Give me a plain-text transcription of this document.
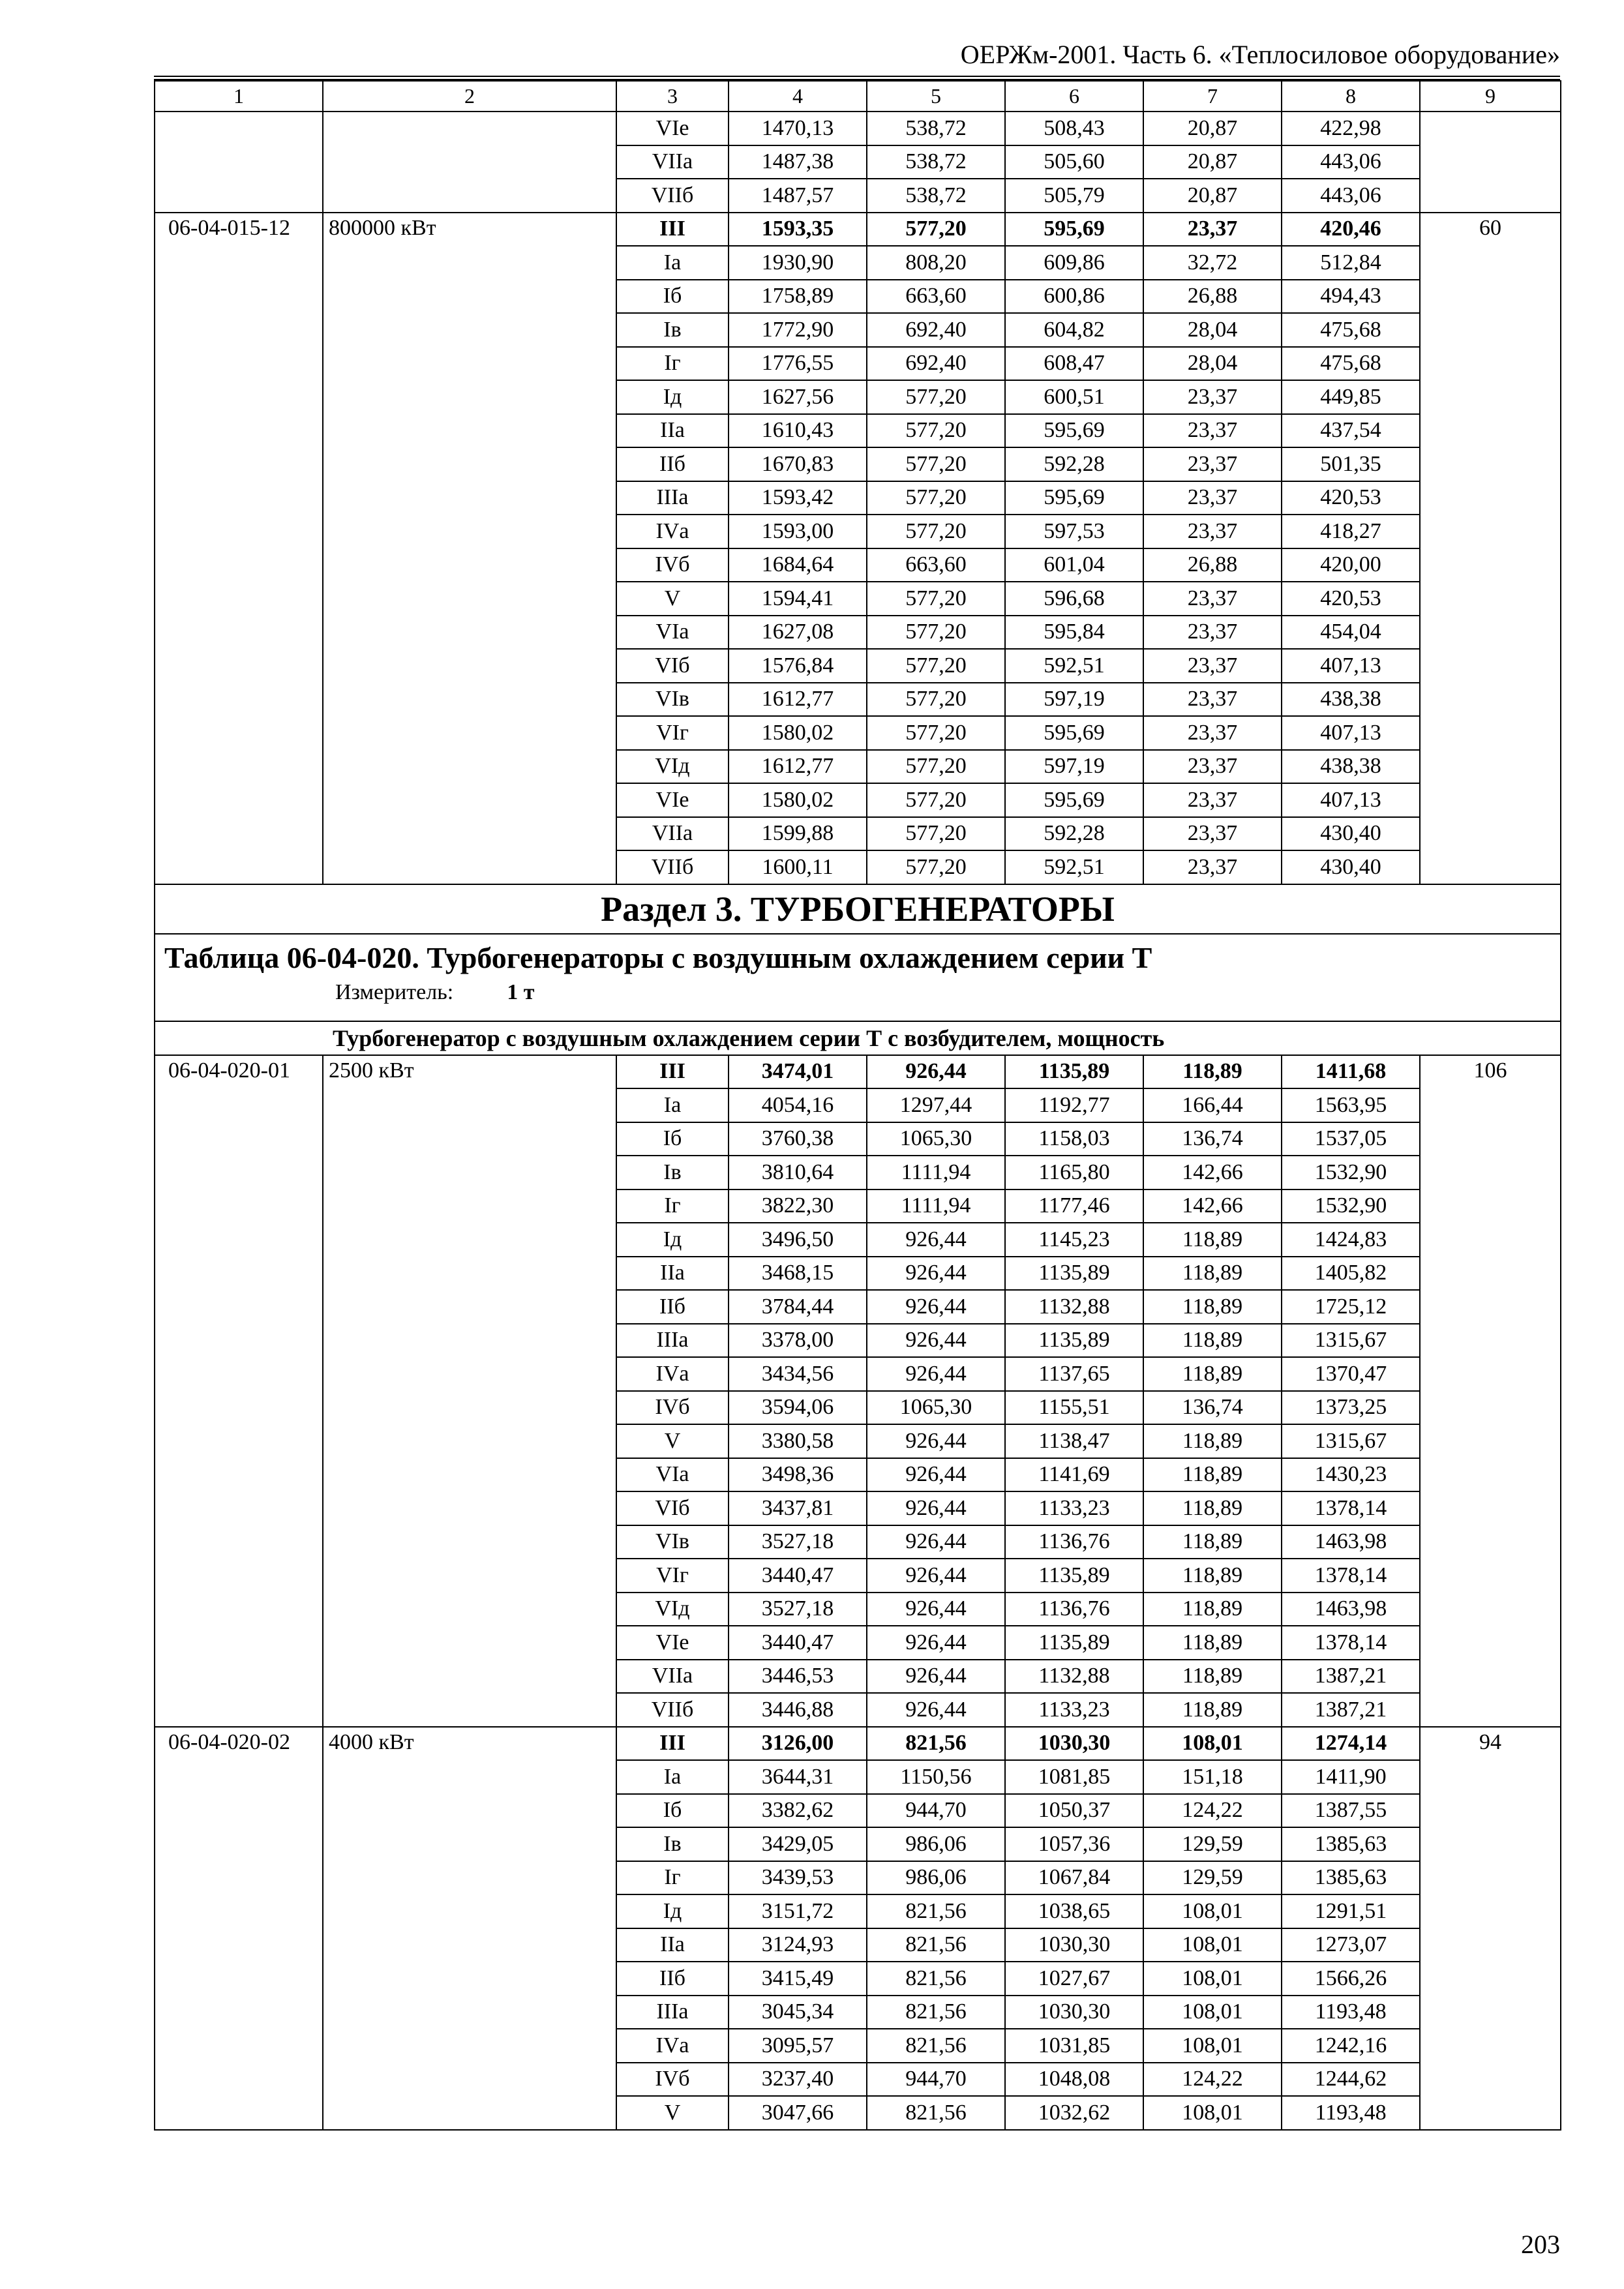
ОЕРЖм-2001. Часть 6. «Теплосиловое оборудование»
1	2	3	4	5	6	7	8	9
		VIе	1470,13	538,72	508,43	20,87	422,98	
		VIIа	1487,38	538,72	505,60	20,87	443,06	
		VIIб	1487,57	538,72	505,79	20,87	443,06	
06-04-015-12	800000 кВт	III	1593,35	577,20	595,69	23,37	420,46	60
		Iа	1930,90	808,20	609,86	32,72	512,84	
		Iб	1758,89	663,60	600,86	26,88	494,43	
		Iв	1772,90	692,40	604,82	28,04	475,68	
		Iг	1776,55	692,40	608,47	28,04	475,68	
		Iд	1627,56	577,20	600,51	23,37	449,85	
		IIа	1610,43	577,20	595,69	23,37	437,54	
		IIб	1670,83	577,20	592,28	23,37	501,35	
		IIIа	1593,42	577,20	595,69	23,37	420,53	
		IVа	1593,00	577,20	597,53	23,37	418,27	
		IVб	1684,64	663,60	601,04	26,88	420,00	
		V	1594,41	577,20	596,68	23,37	420,53	
		VIа	1627,08	577,20	595,84	23,37	454,04	
		VIб	1576,84	577,20	592,51	23,37	407,13	
		VIв	1612,77	577,20	597,19	23,37	438,38	
		VIг	1580,02	577,20	595,69	23,37	407,13	
		VIд	1612,77	577,20	597,19	23,37	438,38	
		VIе	1580,02	577,20	595,69	23,37	407,13	
		VIIа	1599,88	577,20	592,28	23,37	430,40	
		VIIб	1600,11	577,20	592,51	23,37	430,40	
Раздел 3. ТУРБОГЕНЕРАТОРЫ								

Таблица 06-04-020. Турбогенераторы с воздушным охлаждением серии Т
Измеритель: 1 т								

Турбогенератор с воздушным охлаждением серии Т с возбудителем, мощность								
06-04-020-01	2500 кВт	III	3474,01	926,44	1135,89	118,89	1411,68	106
		Iа	4054,16	1297,44	1192,77	166,44	1563,95	
		Iб	3760,38	1065,30	1158,03	136,74	1537,05	
		Iв	3810,64	1111,94	1165,80	142,66	1532,90	
		Iг	3822,30	1111,94	1177,46	142,66	1532,90	
		Iд	3496,50	926,44	1145,23	118,89	1424,83	
		IIа	3468,15	926,44	1135,89	118,89	1405,82	
		IIб	3784,44	926,44	1132,88	118,89	1725,12	
		IIIа	3378,00	926,44	1135,89	118,89	1315,67	
		IVа	3434,56	926,44	1137,65	118,89	1370,47	
		IVб	3594,06	1065,30	1155,51	136,74	1373,25	
		V	3380,58	926,44	1138,47	118,89	1315,67	
		VIа	3498,36	926,44	1141,69	118,89	1430,23	
		VIб	3437,81	926,44	1133,23	118,89	1378,14	
		VIв	3527,18	926,44	1136,76	118,89	1463,98	
		VIг	3440,47	926,44	1135,89	118,89	1378,14	
		VIд	3527,18	926,44	1136,76	118,89	1463,98	
		VIе	3440,47	926,44	1135,89	118,89	1378,14	
		VIIа	3446,53	926,44	1132,88	118,89	1387,21	
		VIIб	3446,88	926,44	1133,23	118,89	1387,21	
06-04-020-02	4000 кВт	III	3126,00	821,56	1030,30	108,01	1274,14	94
		Iа	3644,31	1150,56	1081,85	151,18	1411,90	
		Iб	3382,62	944,70	1050,37	124,22	1387,55	
		Iв	3429,05	986,06	1057,36	129,59	1385,63	
		Iг	3439,53	986,06	1067,84	129,59	1385,63	
		Iд	3151,72	821,56	1038,65	108,01	1291,51	
		IIа	3124,93	821,56	1030,30	108,01	1273,07	
		IIб	3415,49	821,56	1027,67	108,01	1566,26	
		IIIа	3045,34	821,56	1030,30	108,01	1193,48	
		IVа	3095,57	821,56	1031,85	108,01	1242,16	
		IVб	3237,40	944,70	1048,08	124,22	1244,62	
		V	3047,66	821,56	1032,62	108,01	1193,48	
203
